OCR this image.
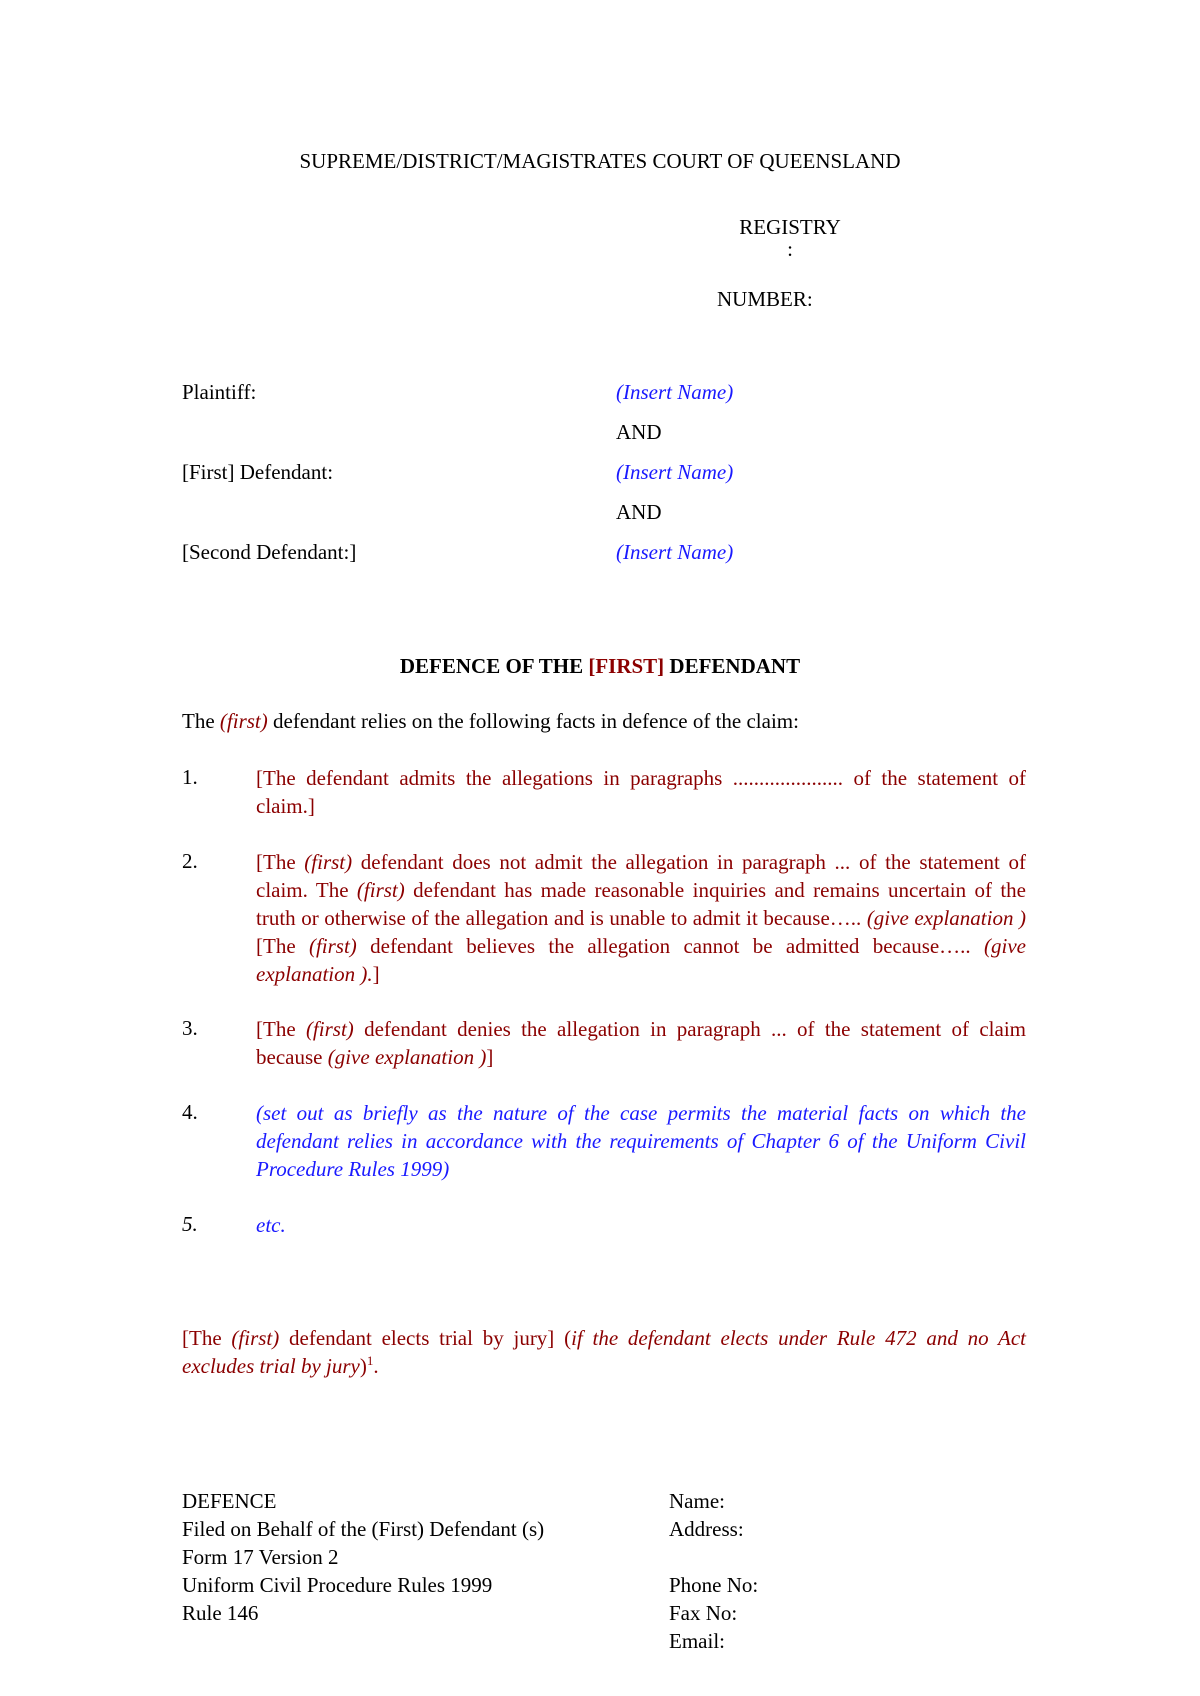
SUPREME/DISTRICT/MAGISTRATES COURT OF QUEENSLAND
REGISTRY
:
NUMBER:
Plaintiff:	(Insert Name)
AND
[First] Defendant:	(Insert Name)
AND
[Second Defendant:]	(Insert Name)
DEFENCE OF THE [FIRST] DEFENDANT
The (first) defendant relies on the following facts in defence of the claim:
1.	[The defendant admits the allegations in paragraphs ..................... of the statement of claim.]
2.	[The (first) defendant does not admit the allegation in paragraph ... of the statement of claim. The (first) defendant has made reasonable inquiries and remains uncertain of the truth or otherwise of the allegation and is unable to admit it because….. (give explanation ) [The (first) defendant believes the allegation cannot be admitted because….. (give explanation ).]
3.	[The (first) defendant denies the allegation in paragraph ... of the statement of claim because (give explanation )]
4.	(set out as briefly as the nature of the case permits the material facts on which the defendant relies in accordance with the requirements of Chapter 6 of the Uniform Civil Procedure Rules 1999)
5.	etc.
[The (first) defendant elects trial by jury] (if the defendant elects under Rule 472 and no Act excludes trial by jury)$^1$.
DEFENCE
Filed on Behalf of the (First) Defendant (s)
Form 17 Version 2
Uniform Civil Procedure Rules 1999
Rule 146
Name:
Address:
Phone No:
Fax No:
Email:
